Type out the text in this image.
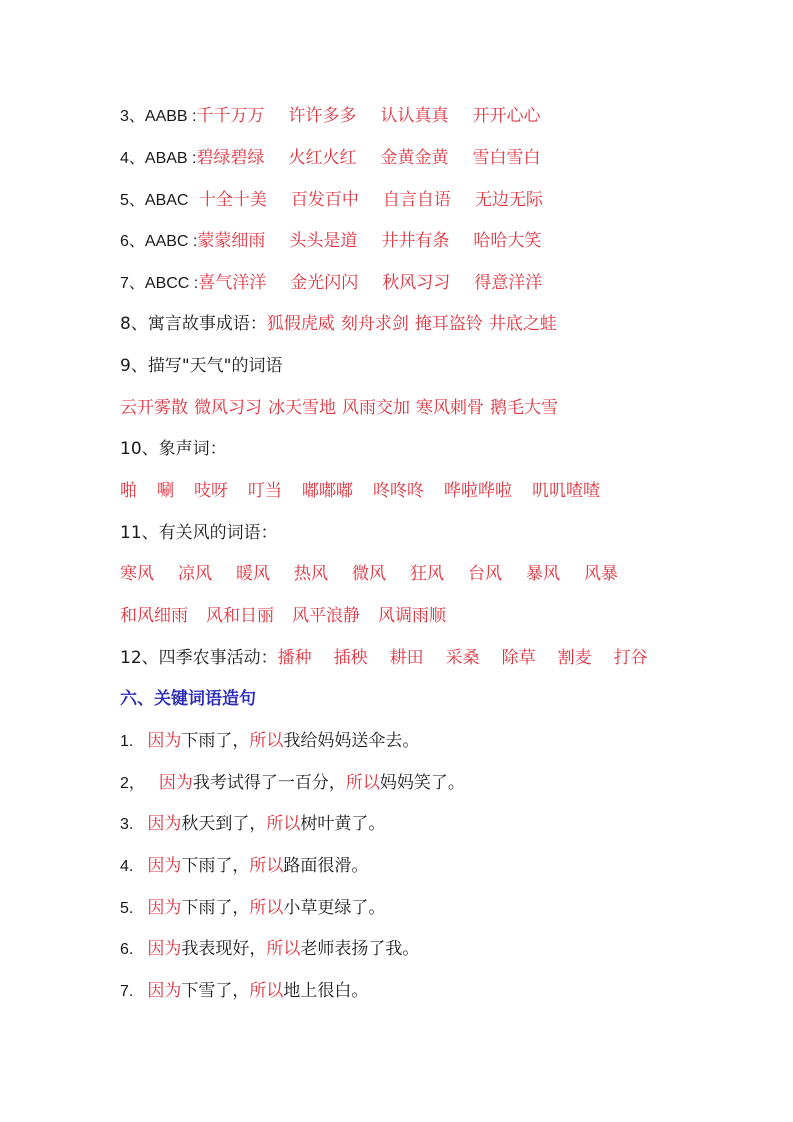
3、AABB :千千万万 许许多多 认认真真 开开心心
4、ABAB :碧绿碧绿 火红火红 金黄金黄 雪白雪白
5、ABAC 十全十美 百发百中 自言自语 无边无际
6、AABC :蒙蒙细雨 头头是道 井井有条 哈哈大笑
7、ABCC :喜气洋洋 金光闪闪 秋风习习 得意洋洋
8、寓言故事成语：狐假虎威 刻舟求剑 掩耳盗铃 井底之蛙
9、描写"天气"的词语
云开雾散 微风习习 冰天雪地 风雨交加 寒风刺骨 鹅毛大雪
10、象声词：
啪 唰 吱呀 叮当 嘟嘟嘟 咚咚咚 哗啦哗啦 叽叽喳喳
11、有关风的词语：
寒风 凉风 暖风 热风 微风 狂风 台风 暴风 风暴
和风细雨 风和日丽 风平浪静 风调雨顺
12、四季农事活动：播种 插秧 耕田 采桑 除草 割麦 打谷
六、关键词语造句
1. 因为下雨了，所以我给妈妈送伞去。
2， 因为我考试得了一百分，所以妈妈笑了。
3. 因为秋天到了，所以树叶黄了。
4. 因为下雨了，所以路面很滑。
5. 因为下雨了，所以小草更绿了。
6. 因为我表现好，所以老师表扬了我。
7. 因为下雪了，所以地上很白。
